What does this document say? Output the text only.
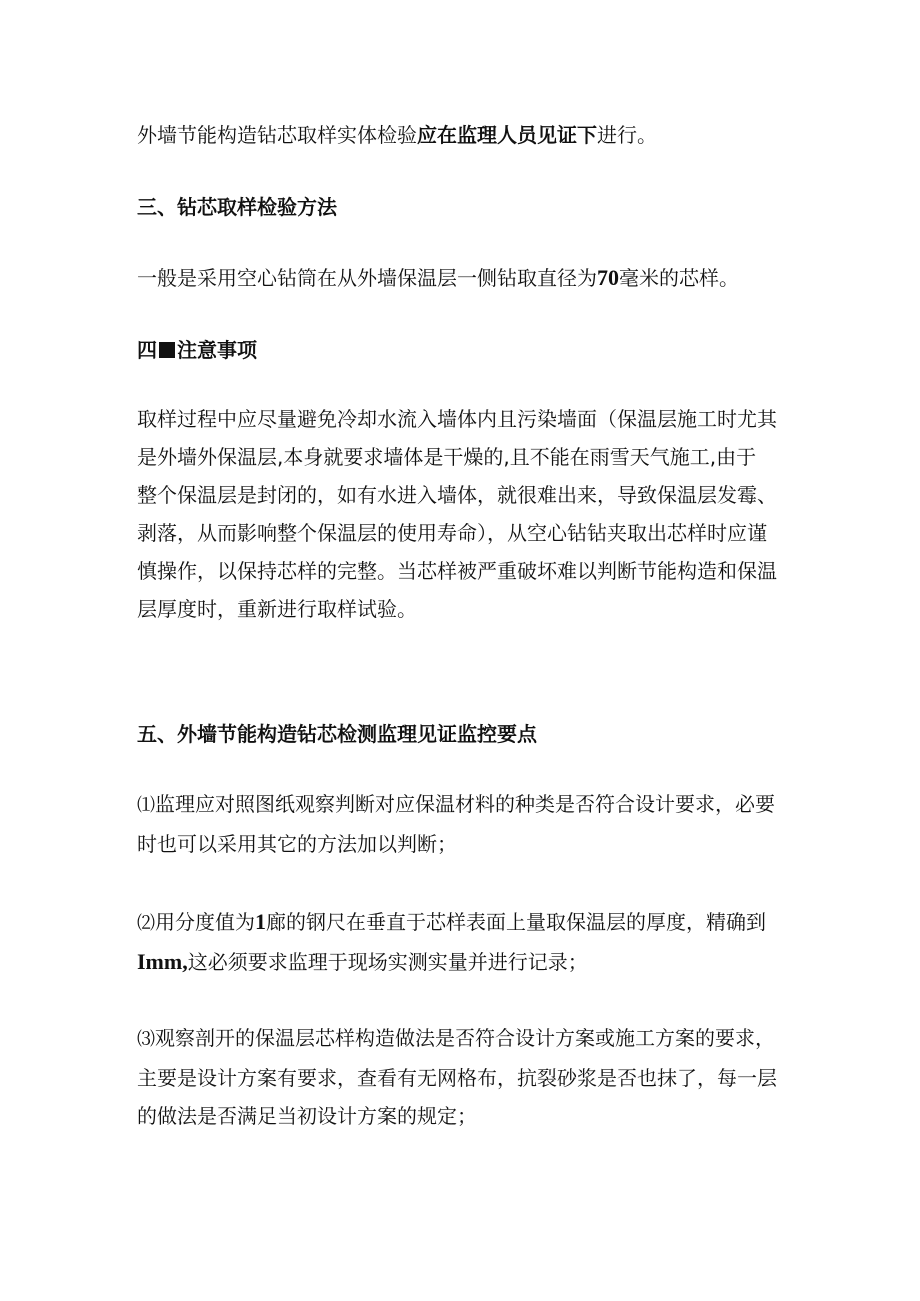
外墙节能构造钻芯取样实体检验应在监理人员见证下进行。

三、钻芯取样检验方法

一般是采用空心钻筒在从外墙保温层一侧钻取直径为70毫米的芯样。

四 注意事项

取样过程中应尽量避免冷却水流入墙体内且污染墙面（保温层施工时尤其
是外墙外保温层,本身就要求墙体是干燥的,且不能在雨雪天气施工,由于
整个保温层是封闭的，如有水进入墙体，就很难出来，导致保温层发霉、
剥落，从而影响整个保温层的使用寿命），从空心钻钻夹取出芯样时应谨
慎操作，以保持芯样的完整。当芯样被严重破坏难以判断节能构造和保温
层厚度时，重新进行取样试验。

五、外墙节能构造钻芯检测监理见证监控要点

⑴监理应对照图纸观察判断对应保温材料的种类是否符合设计要求，必要
时也可以采用其它的方法加以判断；
⑵用分度值为1廊的钢尺在垂直于芯样表面上量取保温层的厚度，精确到
Imm,这必须要求监理于现场实测实量并进行记录；
⑶观察剖开的保温层芯样构造做法是否符合设计方案或施工方案的要求，
主要是设计方案有要求，查看有无网格布，抗裂砂浆是否也抹了，每一层
的做法是否满足当初设计方案的规定；
